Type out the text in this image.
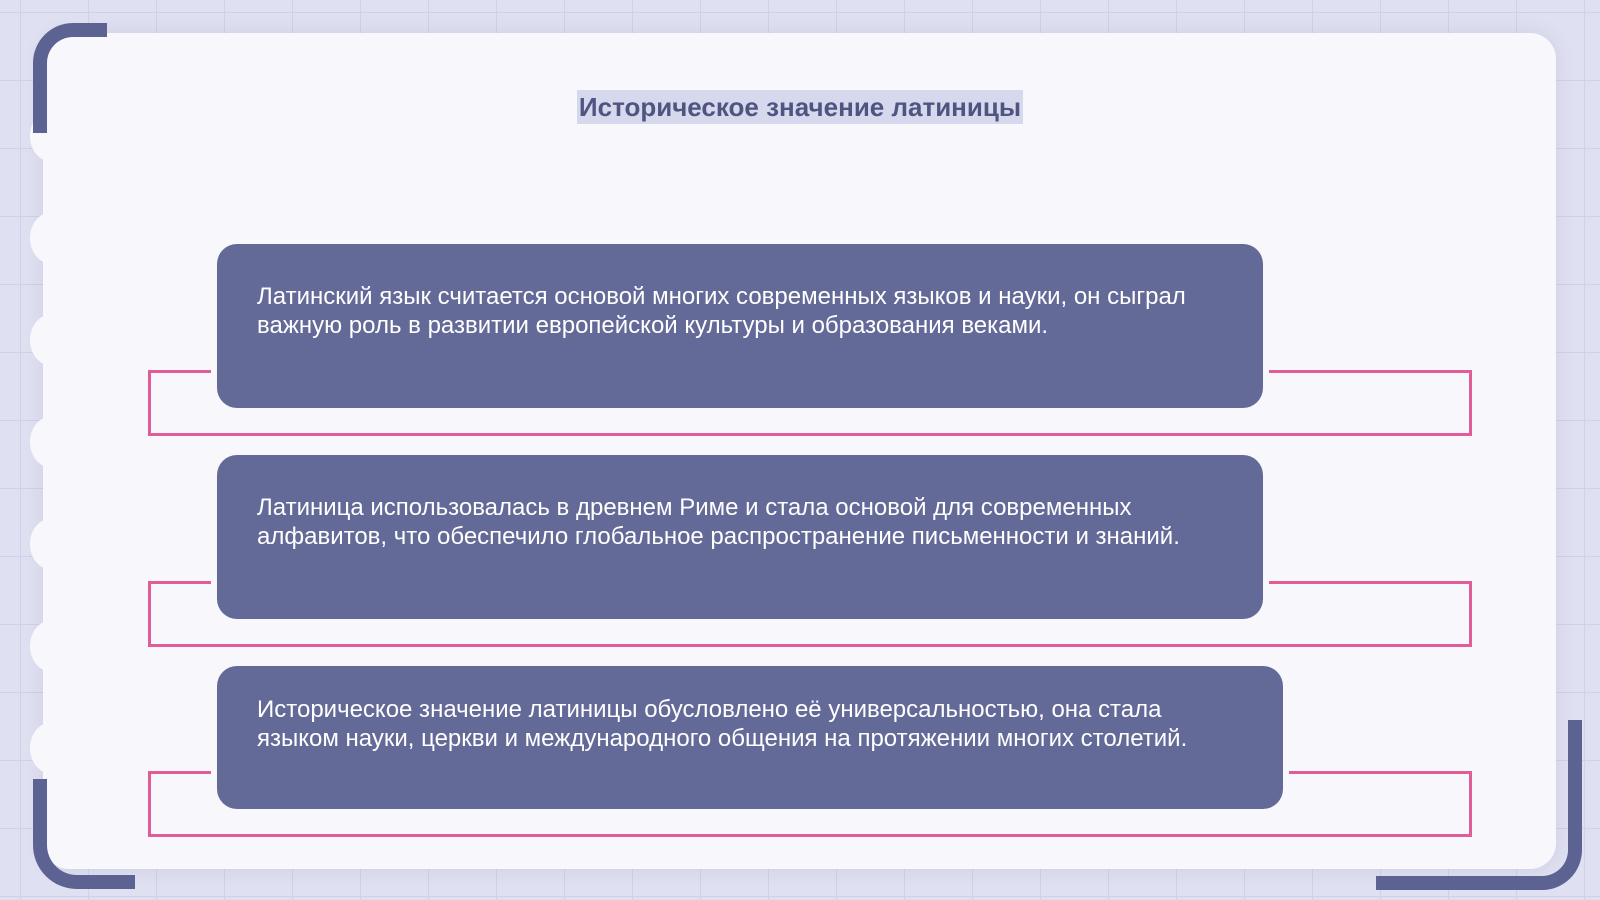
Историческое значение латиницы
Латинский язык считается основой многих современных языков и науки, он сыграл важную роль в развитии европейской культуры и образования веками.
Латиница использовалась в древнем Риме и стала основой для современных алфавитов, что обеспечило глобальное распространение письменности и знаний.
Историческое значение латиницы обусловлено её универсальностью, она стала языком науки, церкви и международного общения на протяжении многих столетий.
